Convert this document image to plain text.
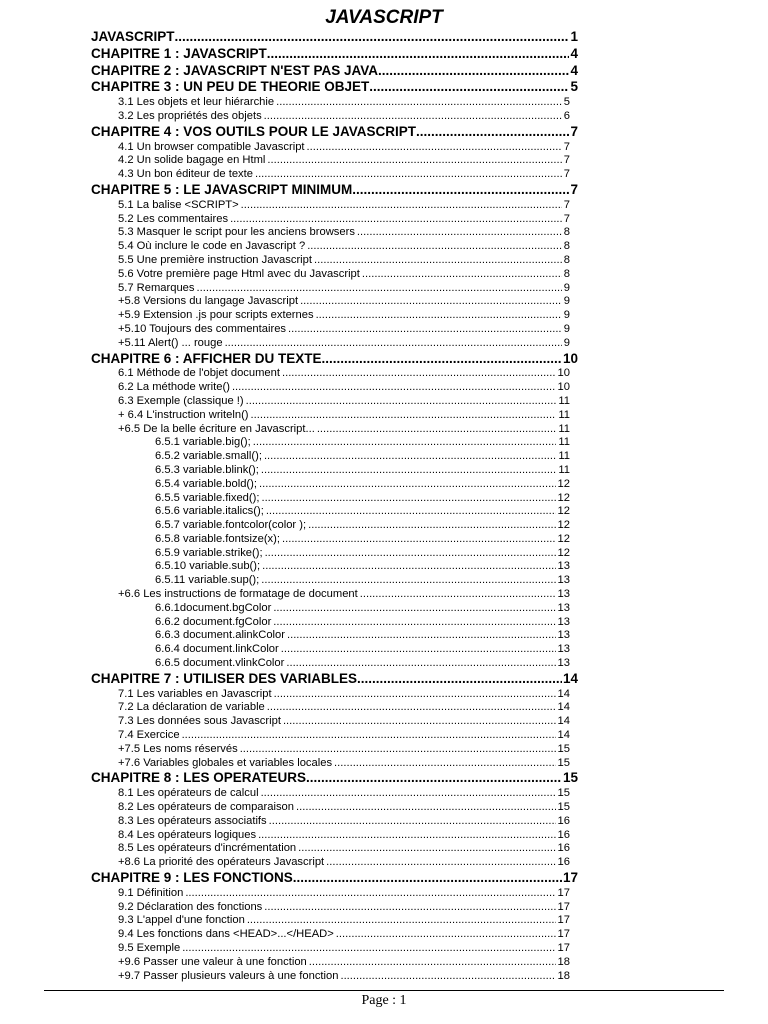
JAVASCRIPT
JAVASCRIPT .....	1
CHAPITRE 1 : JAVASCRIPT .....	4
CHAPITRE 2 : JAVASCRIPT N'EST PAS JAVA .....	4
CHAPITRE 3 : UN PEU DE THEORIE OBJET .....	5
3.1 Les objets et leur hiérarchie .....	5
3.2 Les propriétés des objets .....	6
CHAPITRE 4 : VOS OUTILS POUR LE JAVASCRIPT .....	7
4.1 Un browser compatible Javascript .....	7
4.2 Un solide bagage en Html .....	7
4.3 Un bon éditeur de texte .....	7
CHAPITRE 5 : LE JAVASCRIPT MINIMUM .....	7
5.1 La balise <SCRIPT> .....	7
5.2 Les commentaires .....	7
5.3 Masquer le script pour les anciens browsers .....	8
5.4 Où inclure le code en Javascript ? .....	8
5.5 Une première instruction Javascript .....	8
5.6 Votre première page Html avec du Javascript .....	8
5.7 Remarques .....	9
+5.8 Versions du langage Javascript .....	9
+5.9 Extension .js pour scripts externes .....	9
+5.10 Toujours des commentaires .....	9
+5.11 Alert() ... rouge .....	9
CHAPITRE 6 : AFFICHER DU TEXTE .....	10
6.1 Méthode de l'objet document .....	10
6.2 La méthode write() .....	10
6.3 Exemple (classique !) .....	11
+ 6.4 L'instruction writeln() .....	11
+6.5 De la belle écriture en Javascript... .....	11
6.5.1 variable.big(); .....	11
6.5.2 variable.small(); .....	11
6.5.3 variable.blink(); .....	11
6.5.4 variable.bold(); .....	12
6.5.5 variable.fixed(); .....	12
6.5.6 variable.italics(); .....	12
6.5.7 variable.fontcolor(color ); .....	12
6.5.8 variable.fontsize(x); .....	12
6.5.9 variable.strike(); .....	12
6.5.10 variable.sub(); .....	13
6.5.11 variable.sup(); .....	13
+6.6 Les instructions de formatage de document .....	13
6.6.1document.bgColor .....	13
6.6.2 document.fgColor .....	13
6.6.3 document.alinkColor .....	13
6.6.4 document.linkColor .....	13
6.6.5 document.vlinkColor .....	13
CHAPITRE 7 : UTILISER DES VARIABLES .....	14
7.1 Les variables en Javascript .....	14
7.2 La déclaration de variable .....	14
7.3 Les données sous Javascript .....	14
7.4 Exercice .....	14
+7.5 Les noms réservés .....	15
+7.6 Variables globales et variables locales .....	15
CHAPITRE 8 : LES OPERATEURS .....	15
8.1 Les opérateurs de calcul .....	15
8.2 Les opérateurs de comparaison .....	15
8.3 Les opérateurs associatifs .....	16
8.4 Les opérateurs logiques .....	16
8.5 Les opérateurs d'incrémentation .....	16
+8.6 La priorité des opérateurs Javascript .....	16
CHAPITRE 9 : LES FONCTIONS .....	17
9.1 Définition .....	17
9.2 Déclaration des fonctions .....	17
9.3 L'appel d'une fonction .....	17
9.4 Les fonctions dans <HEAD>...</HEAD> .....	17
9.5 Exemple .....	17
+9.6 Passer une valeur à une fonction .....	18
+9.7 Passer plusieurs valeurs à une fonction .....	18
Page : 1
